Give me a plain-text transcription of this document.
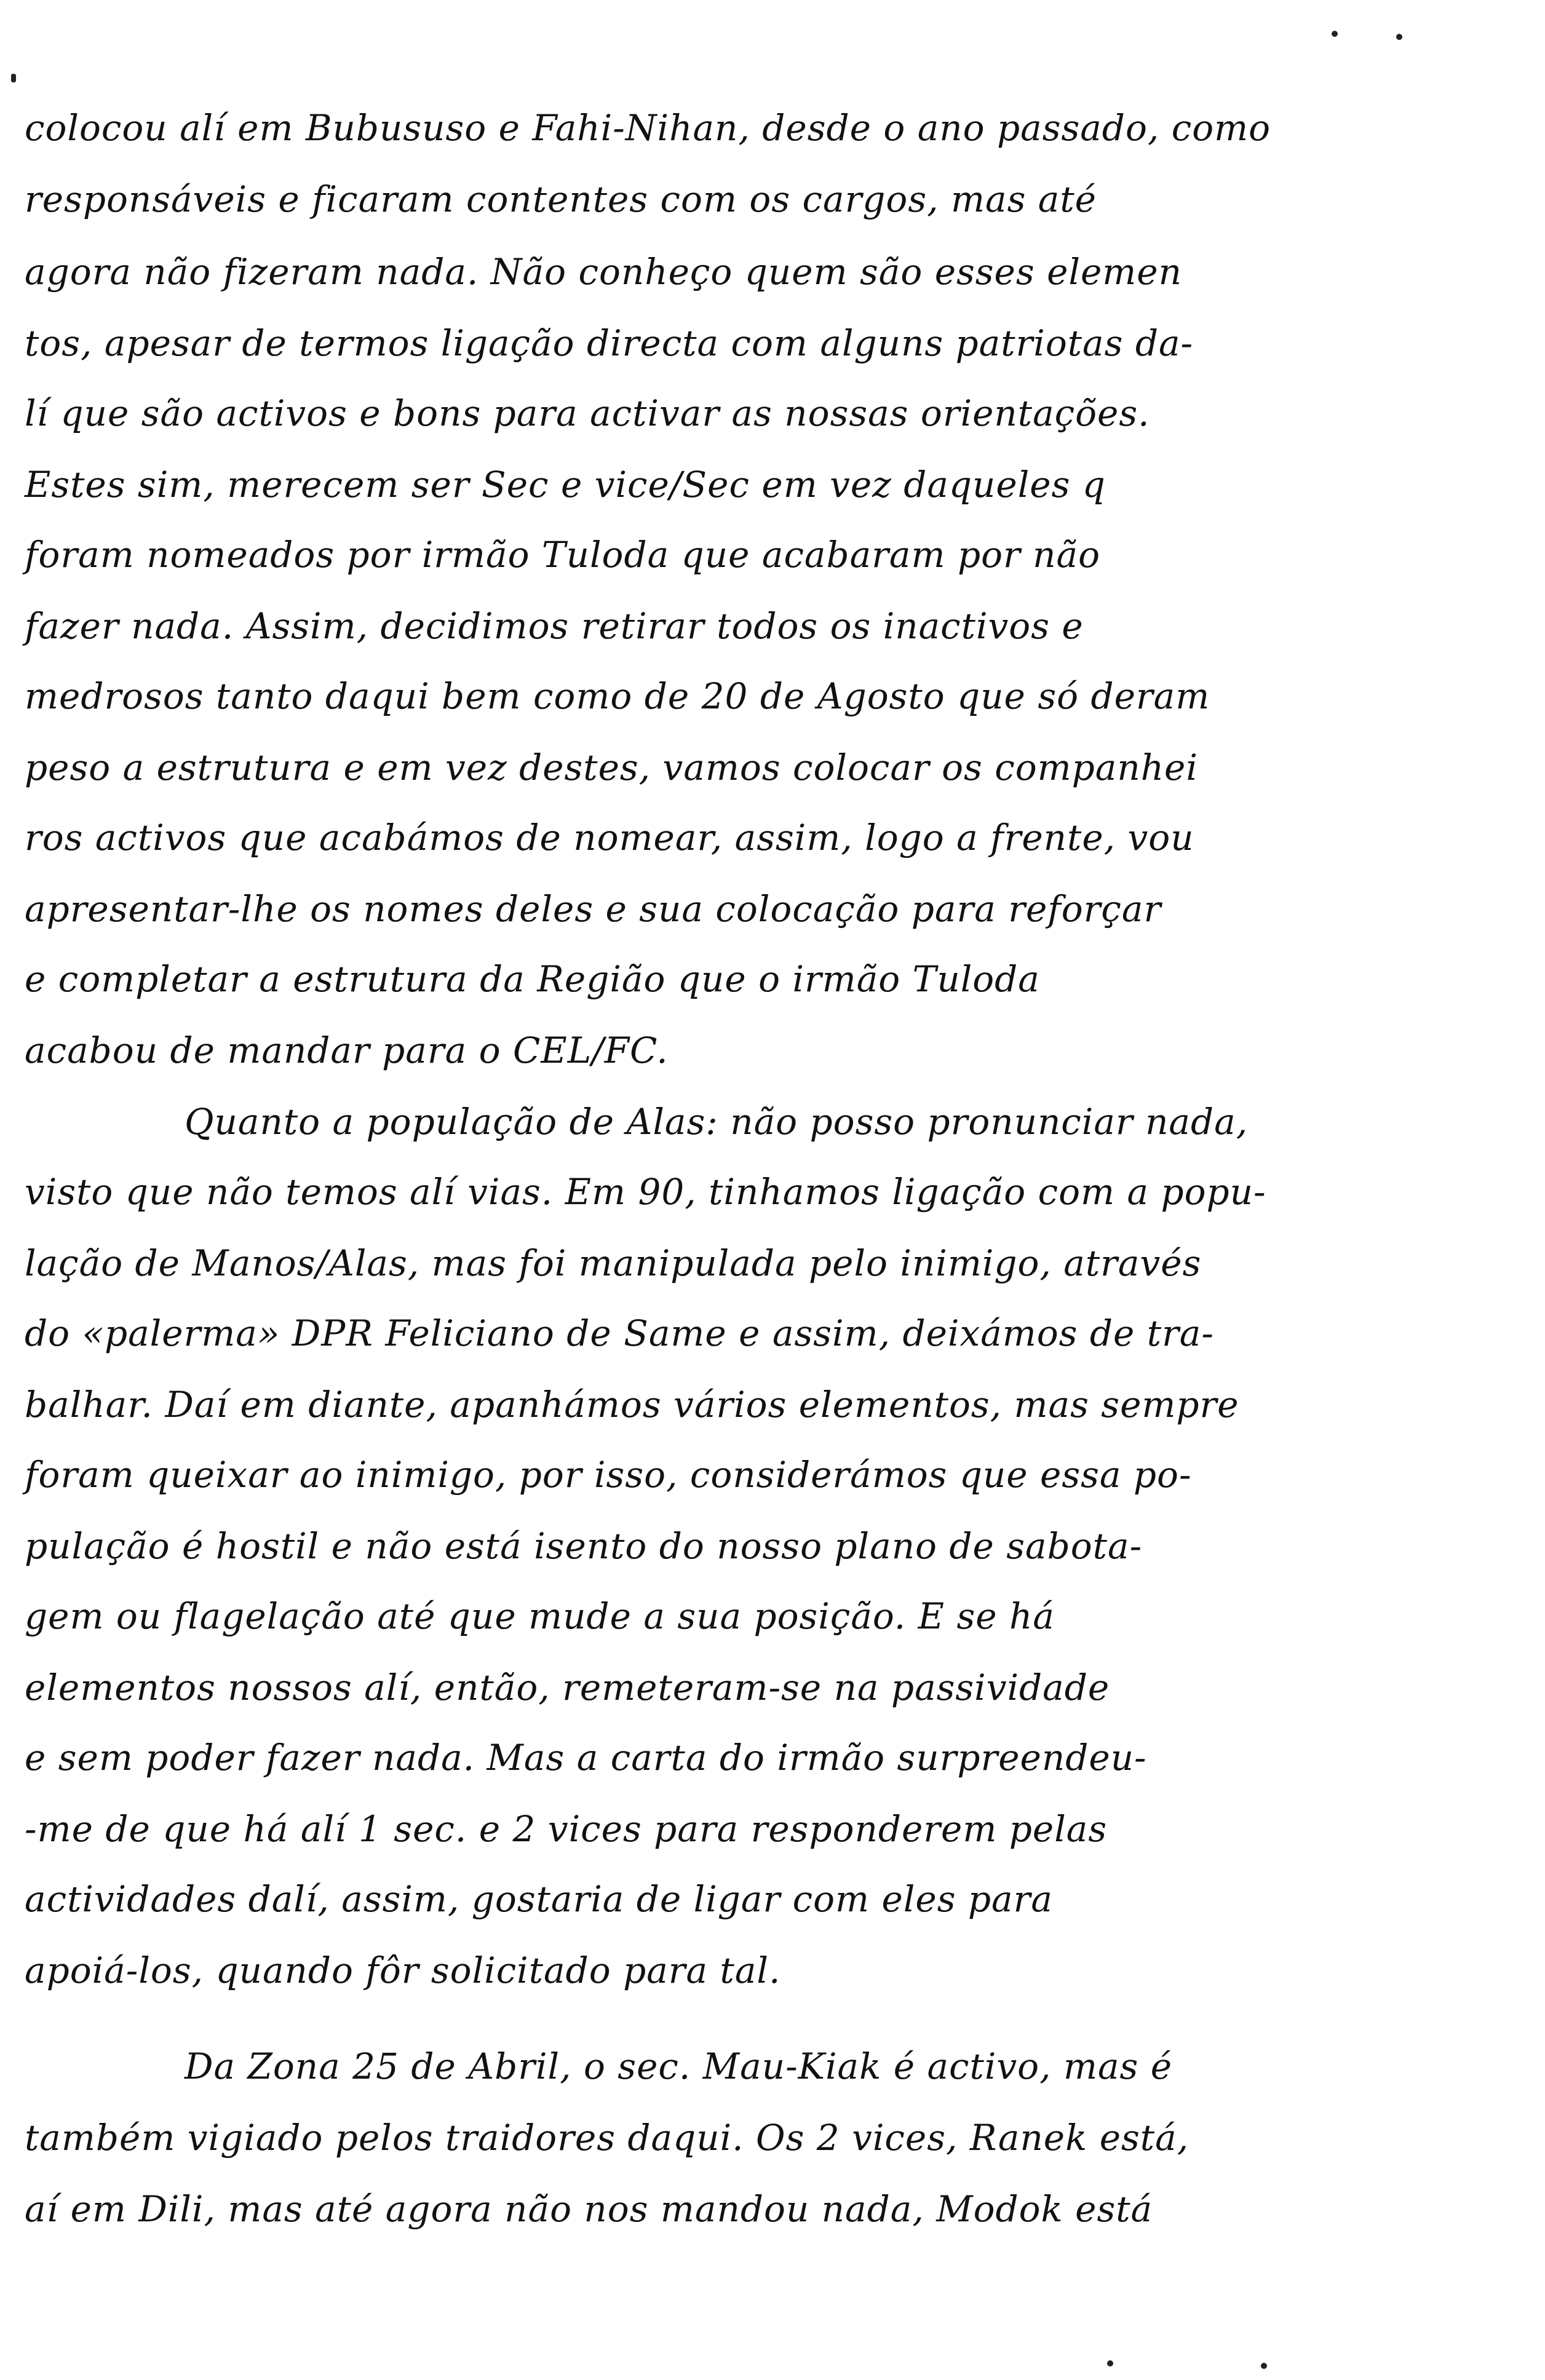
colocou alí em Bubususo e Fahi-Nihan, desde o ano passado, como
responsáveis e ficaram contentes com os cargos, mas até
agora não fizeram nada. Não conheço quem são esses elemen
tos, apesar de termos ligação directa com alguns patriotas da-
lí que são activos e bons para activar as nossas orientações.
Estes sim, merecem ser Sec e vice/Sec em vez daqueles q
foram nomeados por irmão Tuloda que acabaram por não
fazer nada. Assim, decidimos retirar todos os inactivos e
medrosos tanto daqui bem como de 20 de Agosto que só deram
peso a estrutura e em vez destes, vamos colocar os companhei
ros activos que acabámos de nomear, assim, logo a frente, vou
apresentar-lhe os nomes deles e sua colocação para reforçar
e completar a estrutura da Região que o irmão Tuloda
acabou de mandar para o CEL/FC.
Quanto a população de Alas: não posso pronunciar nada,
visto que não temos alí vias. Em 90, tinhamos ligação com a popu-
lação de Manos/Alas, mas foi manipulada pelo inimigo, através
do «palerma» DPR Feliciano de Same e assim, deixámos de tra-
balhar. Daí em diante, apanhámos vários elementos, mas sempre
foram queixar ao inimigo, por isso, considerámos que essa po-
pulação é hostil e não está isento do nosso plano de sabota-
gem ou flagelação até que mude a sua posição. E se há
elementos nossos alí, então, remeteram-se na passividade
e sem poder fazer nada. Mas a carta do irmão surpreendeu-
-me de que há alí 1 sec. e 2 vices para responderem pelas
actividades dalí, assim, gostaria de ligar com eles para
apoiá-los, quando fôr solicitado para tal.
Da Zona 25 de Abril, o sec. Mau-Kiak é activo, mas é
também vigiado pelos traidores daqui. Os 2 vices, Ranek está,
aí em Dili, mas até agora não nos mandou nada, Modok está
